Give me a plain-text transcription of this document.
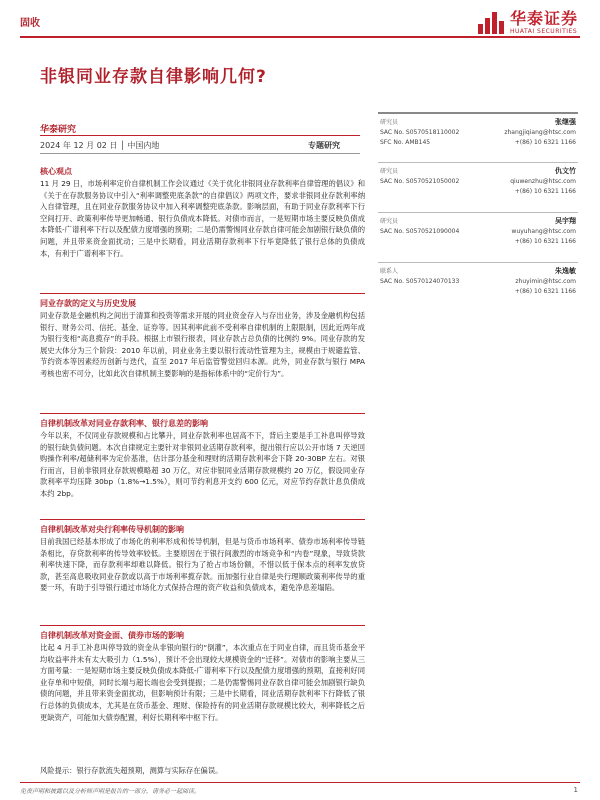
固收	华泰证券
HUATAI SECURITIES
非银同业存款自律影响几何?
华泰研究
2024 年 12 月 02 日 │ 中国内地	专题研究
核心观点
11 月 29 日，市场利率定价自律机制工作会议通过《关于优化非银同业存款利率自律管理的倡议》和《关于在存款服务协议中引入“利率调整兜底条款”的自律倡议》两项文件，要求非银同业存款利率纳入自律管理，且在同业存款服务协议中加入利率调整兜底条款。影响层面，有助于同业存款利率下行空间打开、政策利率传导更加畅通、银行负债成本降低。对债市而言，一是短期市场主要反映负债成本降低-广谱利率下行以及配债力度增强的预期；二是仍需警惕同业存款自律可能会加剧银行缺负债的问题，并且带来资金面扰动；三是中长期看，同业活期存款利率下行毕竟降低了银行总体的负债成本，有利于广谱利率下行。
同业存款的定义与历史发展
同业存款是金融机构之间出于清算和投资等需求开展的同业资金存入与存出业务，涉及金融机构包括银行、财务公司、信托、基金、证券等。因其利率此前不受利率自律机制的上限限制，因此近两年成为银行变相“高息揽存”的手段。根据上市银行报表，同业存款占总负债的比例约 9%。同业存款的发展史大体分为三个阶段：2010 年以前，同业业务主要以银行流动性管理为主，规模由于规避监管、节约资本等因素经历创新与迭代，直至 2017 年后监管警觉回归本源。此外，同业存款与银行 MPA 考核也密不可分，比如此次自律机制主要影响的是指标体系中的“定价行为”。
自律机制改革对同业存款利率、银行息差的影响
今年以来，不仅同业存款规模和占比攀升，同业存款利率也居高不下，背后主要是手工补息叫停导致的银行缺负债问题。本次自律规定主要针对非银同业活期存款利率，提出银行应以公开市场 7 天逆回购操作利率/超储利率为定价基准，估计部分基金和理财的活期存款利率会下降 20-30BP 左右。对银行而言，目前非银同业存款规模略超 30 万亿，对应非银同业活期存款规模约 20 万亿，假设同业存款利率平均压降 30bp（1.8%→1.5%），则可节约利息开支约 600 亿元，对应节约存款计息负债成本约 2bp。
自律机制改革对央行利率传导机制的影响
目前我国已经基本形成了市场化的利率形成和传导机制，但是与货币市场利率、债券市场利率传导链条相比，存贷款利率的传导效率较低。主要原因在于银行间激烈的市场竞争和“内卷”现象，导致贷款利率快速下降，而存款利率却难以降低。银行为了抢占市场份额，不惜以低于保本点的利率发放贷款，甚至高息吸收同业存款或以高于市场利率揽存款。而加强行业自律是央行理顺政策利率传导的重要一环，有助于引导银行通过市场化方式保持合理的资产收益和负债成本，避免净息差塌陷。
自律机制改革对资金面、债券市场的影响
比起 4 月手工补息叫停导致的资金从非银向银行的“倒灌”，本次重点在于同业自律，而且货币基金平均收益率并未有太大吸引力（1.5%），预计不会出现较大规模资金的“迁移”。对债市的影响主要从三方面考量：一是短期市场主要反映负债成本降低-广谱利率下行以及配债力度增强的预期，直接利好同业存单和中短债，同时长端与超长端也会受到提振；二是仍需警惕同业存款自律可能会加剧银行缺负债的问题，并且带来资金面扰动，但影响预计有限；三是中长期看，同业活期存款利率下行降低了银行总体的负债成本，尤其是在货币基金、理财、保险持有的同业活期存款规模比较大，利率降低之后更缺资产，可能加大债券配置，利好长期利率中枢下行。
风险提示：银行存款流失超预期，测算与实际存在偏误。
研究员	张继强
SAC No. S0570518110002	zhangjiqiang@htsc.com
SFC No. AMB145	+(86) 10 6321 1166
研究员	仇文竹
SAC No. S0570521050002	qiuwenzhu@htsc.com
+(86) 10 6321 1166
研究员	吴宇翔
SAC No. S0570521090004	wuyuhang@htsc.com
+(86) 10 6321 1166
联系人	朱逸敏
SAC No. S0570124070133	zhuyimin@htsc.com
+(86) 10 6321 1166
免责声明和披露以及分析师声明是报告的一部分，请务必一起阅读。	1
